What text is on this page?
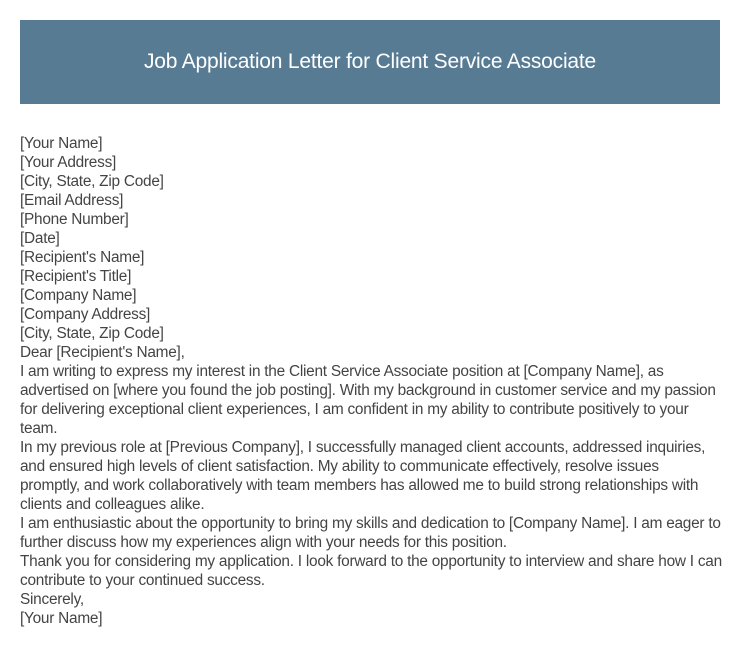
Job Application Letter for Client Service Associate
[Your Name]
[Your Address]
[City, State, Zip Code]
[Email Address]
[Phone Number]
[Date]
[Recipient's Name]
[Recipient's Title]
[Company Name]
[Company Address]
[City, State, Zip Code]
Dear [Recipient's Name],
I am writing to express my interest in the Client Service Associate position at [Company Name], as advertised on [where you found the job posting]. With my background in customer service and my passion for delivering exceptional client experiences, I am confident in my ability to contribute positively to your team.
In my previous role at [Previous Company], I successfully managed client accounts, addressed inquiries, and ensured high levels of client satisfaction. My ability to communicate effectively, resolve issues promptly, and work collaboratively with team members has allowed me to build strong relationships with clients and colleagues alike.
I am enthusiastic about the opportunity to bring my skills and dedication to [Company Name]. I am eager to further discuss how my experiences align with your needs for this position.
Thank you for considering my application. I look forward to the opportunity to interview and share how I can contribute to your continued success.
Sincerely,
[Your Name]
